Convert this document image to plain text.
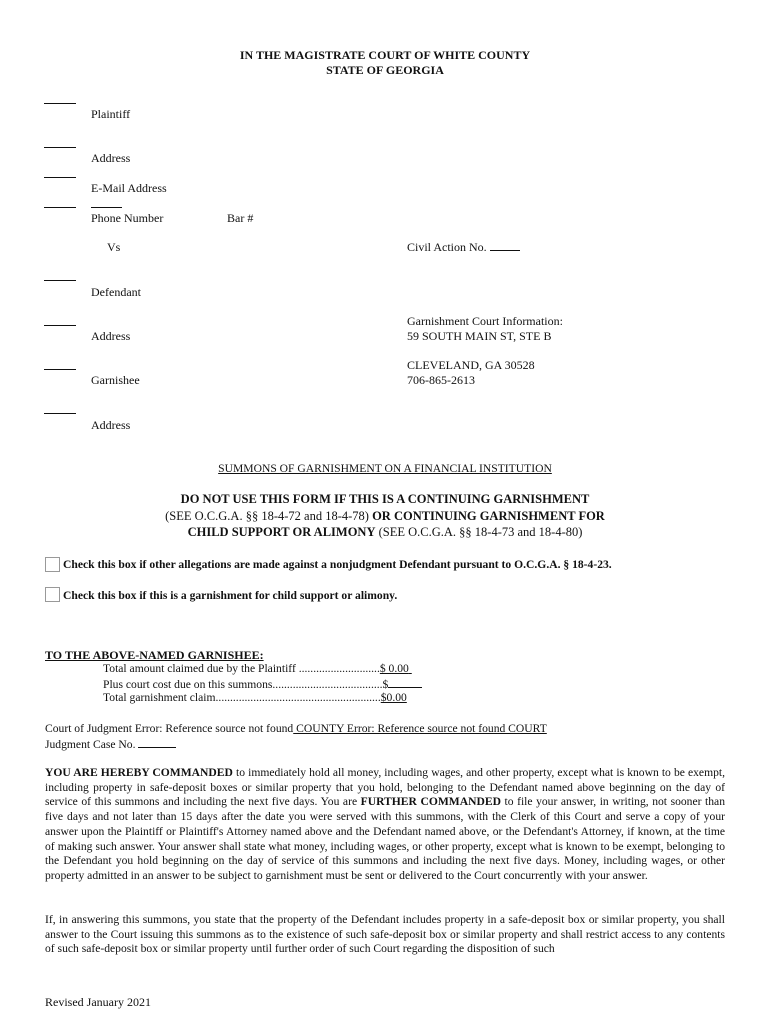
IN THE MAGISTRATE COURT OF WHITE COUNTY
STATE OF GEORGIA
Plaintiff
Address
E-Mail Address
Phone Number	Bar #
Vs	Civil Action No.
Defendant
Address
Garnishee
Address
Garnishment Court Information:
59 SOUTH MAIN ST, STE B
CLEVELAND, GA 30528
706-865-2613
SUMMONS OF GARNISHMENT ON A FINANCIAL INSTITUTION
DO NOT USE THIS FORM IF THIS IS A CONTINUING GARNISHMENT
(SEE O.C.G.A. §§ 18-4-72 and 18-4-78) OR CONTINUING GARNISHMENT FOR
CHILD SUPPORT OR ALIMONY (SEE O.C.G.A. §§ 18-4-73 and 18-4-80)
Check this box if other allegations are made against a nonjudgment Defendant pursuant to O.C.G.A. § 18-4-23.
Check this box if this is a garnishment for child support or alimony.
TO THE ABOVE-NAMED GARNISHEE:
Total amount claimed due by the Plaintiff ............................$ 0.00
Plus court cost due on this summons......................................$
Total garnishment claim.........................................................$0.00
Court of Judgment Error: Reference source not found COUNTY Error: Reference source not found COURT
Judgment Case No.
YOU ARE HEREBY COMMANDED to immediately hold all money, including wages, and other property, except what is known to be exempt, including property in safe-deposit boxes or similar property that you hold, belonging to the Defendant named above beginning on the day of service of this summons and including the next five days. You are FURTHER COMMANDED to file your answer, in writing, not sooner than five days and not later than 15 days after the date you were served with this summons, with the Clerk of this Court and serve a copy of your answer upon the Plaintiff or Plaintiff's Attorney named above and the Defendant named above, or the Defendant's Attorney, if known, at the time of making such answer. Your answer shall state what money, including wages, or other property, except what is known to be exempt, belonging to the Defendant you hold beginning on the day of service of this summons and including the next five days. Money, including wages, or other property admitted in an answer to be subject to garnishment must be sent or delivered to the Court concurrently with your answer.
If, in answering this summons, you state that the property of the Defendant includes property in a safe-deposit box or similar property, you shall answer to the Court issuing this summons as to the existence of such safe-deposit box or similar property and shall restrict access to any contents of such safe-deposit box or similar property until further order of such Court regarding the disposition of such
Revised January 2021
